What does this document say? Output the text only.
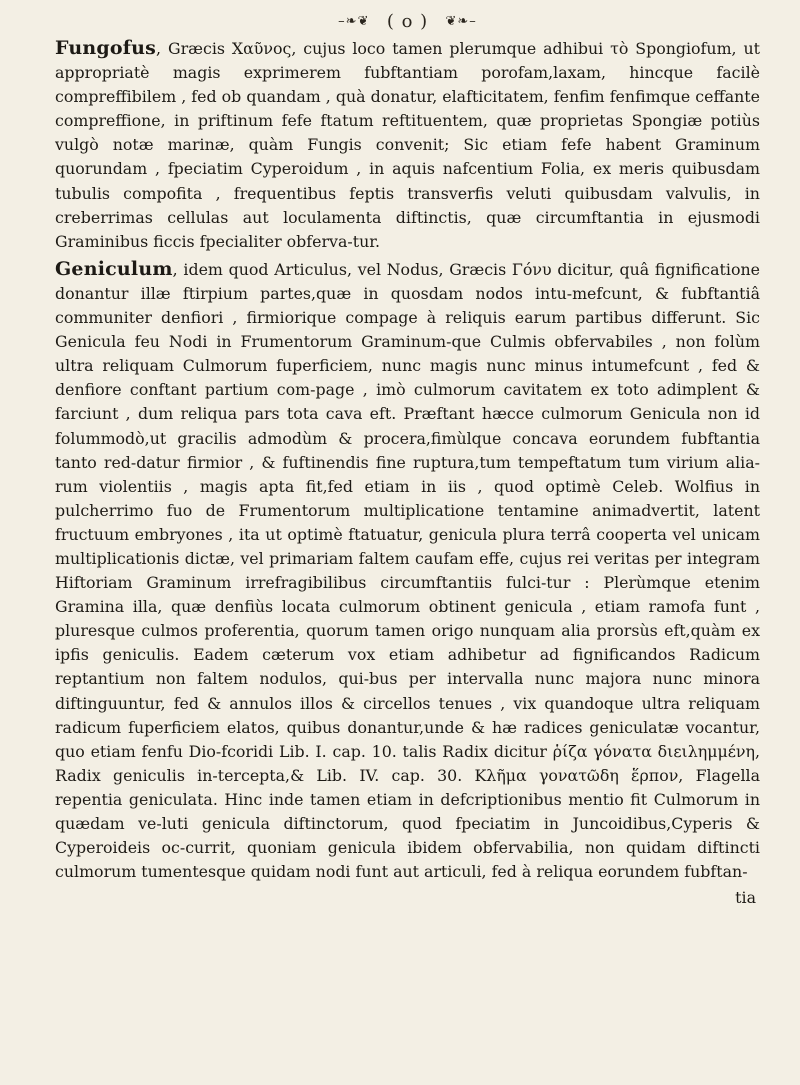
–❧❦ ( o ) ❦❧–

Fungofus, Græcis Χαῦνος, cujus loco tamen plerumque adhibui τὸ Spongiofum, ut appropriatè magis exprimerem fubftantiam porofam,laxam, hincque facilè compreffibilem , fed ob quandam , quà donatur, elafticitatem, fenfim fenfimque ceffante compreffione, in priftinum fefe ftatum reftituentem, quæ proprietas Spongiæ potiùs vulgò notæ marinæ, quàm Fungis convenit; Sic etiam fefe habent Graminum quorundam , fpeciatim Cyperoidum , in aquis nafcentium Folia, ex meris quibusdam tubulis compofita , frequentibus feptis transverfis veluti quibusdam valvulis, in creberrimas cellulas aut loculamenta diftinctis, quæ circumftantia in ejusmodi Graminibus ficcis fpecialiter obferva-tur.

Geniculum, idem quod Articulus, vel Nodus, Græcis Γόνυ dicitur, quâ fignificatione donantur illæ ftirpium partes,quæ in quosdam nodos intu-mefcunt, & fubftantiâ communiter denfiori , firmiorique compage à reliquis earum partibus differunt. Sic Genicula feu Nodi in Frumentorum Graminum-que Culmis obfervabiles , non folùm ultra reliquam Culmorum fuperficiem, nunc magis nunc minus intumefcunt , fed & denfiore conftant partium com-page , imò culmorum cavitatem ex toto adimplent & farciunt , dum reliqua pars tota cava eft. Præftant hæcce culmorum Genicula non id folummodò,ut gracilis admodùm & procera,fimùlque concava eorundem fubftantia tanto red-datur firmior , & fuftinendis fine ruptura,tum tempeftatum tum virium alia-rum violentiis , magis apta fit,fed etiam in iis , quod optimè Celeb. Wolfius in pulcherrimo fuo de Frumentorum multiplicatione tentamine animadvertit, latent fructuum embryones , ita ut optimè ftatuatur, genicula plura terrâ cooperta vel unicam multiplicationis dictæ, vel primariam faltem caufam effe, cujus rei veritas per integram Hiftoriam Graminum irrefragibilibus circumftantiis fulci-tur : Plerùmque etenim Gramina illa, quæ denfiùs locata culmorum obtinent genicula , etiam ramofa funt , pluresque culmos proferentia, quorum tamen origo nunquam alia prorsùs eft,quàm ex ipfis geniculis. Eadem cæterum vox etiam adhibetur ad fignificandos Radicum reptantium non faltem nodulos, qui-bus per intervalla nunc majora nunc minora diftinguuntur, fed & annulos illos & circellos tenues , vix quandoque ultra reliquam radicum fuperficiem elatos, quibus donantur,unde & hæ radices geniculatæ vocantur, quo etiam fenfu Dio-fcoridi Lib. I. cap. 10. talis Radix dicitur ῥίζα γόνατα διειλημμένη, Radix geniculis in-tercepta,& Lib. IV. cap. 30. Κλῆμα γονατῶδη ἕρπον, Flagella repentia geniculata. Hinc inde tamen etiam in defcriptionibus mentio fit Culmorum in quædam ve-luti genicula diftinctorum, quod fpeciatim in Juncoidibus,Cyperis & Cyperoideis oc-currit, quoniam genicula ibidem obfervabilia, non quidam diftincti culmorum tumentesque quidam nodi funt aut articuli, fed à reliqua eorundem fubftan-

tia
